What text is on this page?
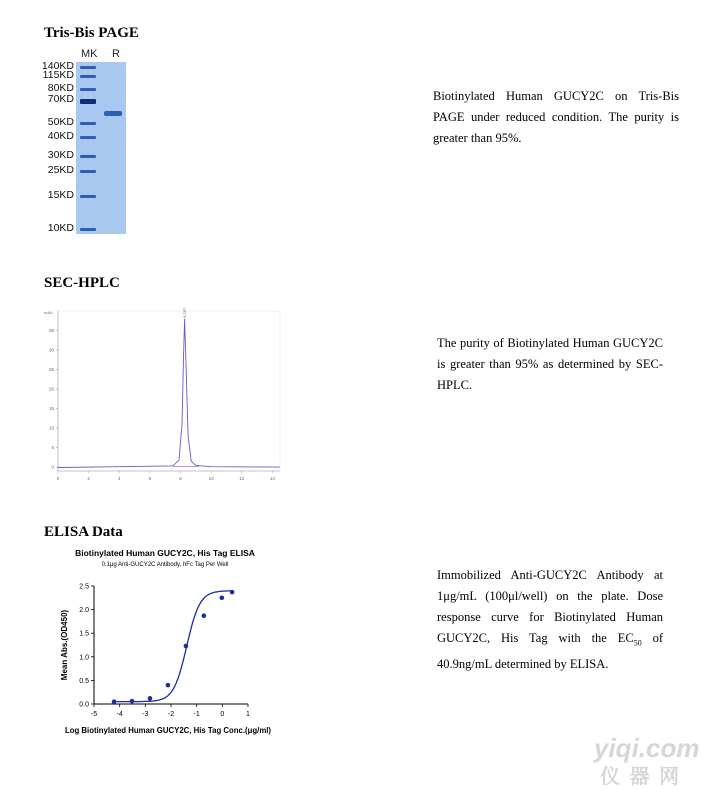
Tris-Bis PAGE
MK R
140KD
115KD
80KD
70KD
50KD
40KD
30KD
25KD
15KD
10KD
Biotinylated Human GUCY2C on Tris-Bis PAGE under reduced condition. The purity is greater than 95%.
SEC-HPLC
0	2	4	6	8	10	12	14
0
5
10
15
20
25
30
35
mAU	8.267
The purity of Biotinylated Human GUCY2C is greater than 95% as determined by SEC-HPLC.
ELISA Data
Biotinylated Human GUCY2C, His Tag ELISA
0.1μg Anti-GUCY2C Antibody, hFc Tag Per Well
-5	-4	-3	-2	-1	0	1
0.0
0.5
1.0
1.5
2.0
2.5
Mean Abs.(OD450)
Log Biotinylated Human GUCY2C, His Tag Conc.(μg/ml)
Immobilized Anti-GUCY2C Antibody at 1μg/mL (100μl/well) on the plate. Dose response curve for Biotinylated Human GUCY2C, His Tag with the $EC_{50}$ of 40.9ng/mL determined by ELISA.
yiqi.com
仪 器 网
